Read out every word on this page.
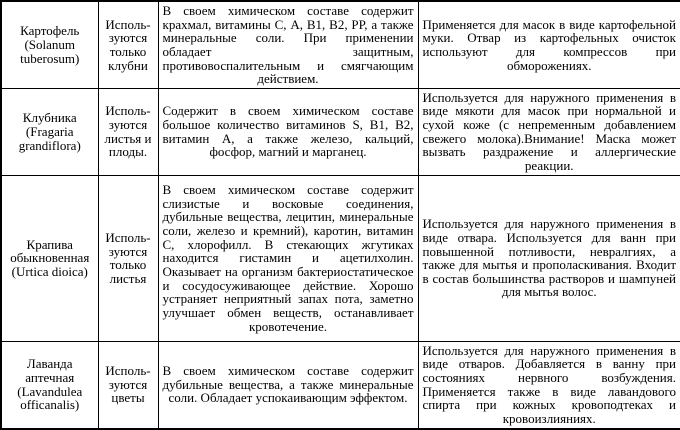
Картофель (Solanum tuberosum)	Используются только клубни	В своем химическом составе содержит крахмал, витамины С, А, В1, В2, РР, а также минеральные соли. При применении обладает защитным, противовоспалительным и смягчающим действием.	Применяется для масок в виде картофельной муки. Отвар из картофельных очисток используют для компрессов при обморожениях.
Клубника (Fragaria grandiflora)	Используются листья и плоды.	Содержит в своем химическом составе большое количество витаминов S, В1, В2, витамин А, а также железо, кальций, фосфор, магний и марганец.	Используется для наружного применения в виде мякоти для масок при нормальной и сухой коже (с непременным добавлением свежего молока).Внимание! Маска может вызвать раздражение и аллергические реакции.
Крапива обыкновенная (Urtica dioica)	Используются только листья	В своем химическом составе содержит слизистые и восковые соединения, дубильные вещества, лецитин, минеральные соли, железо и кремний), каротин, витамин С, хлорофилл. В стекающих жгутиках находится гистамин и ацетилхолин. Оказывает на организм бактериостатическое и сосудосуживающее действие. Хорошо устраняет неприятный запах пота, заметно улучшает обмен веществ, останавливает кровотечение.	Используется для наружного применения в виде отвара. Используется для ванн при повышенной потливости, невралгиях, а также для мытья и прополаскивания. Входит в состав большинства растворов и шампуней для мытья волос.
Лаванда аптечная (Lavandulea officanalis)	Используются цветы	В своем химическом составе содержит дубильные вещества, а также минеральные соли. Обладает успокаивающим эффектом.	Используется для наружного применения в виде отваров. Добавляется в ванну при состояниях нервного возбуждения. Применяется также в виде лавандового спирта при кожных кровоподтеках и кровоизлияниях.
